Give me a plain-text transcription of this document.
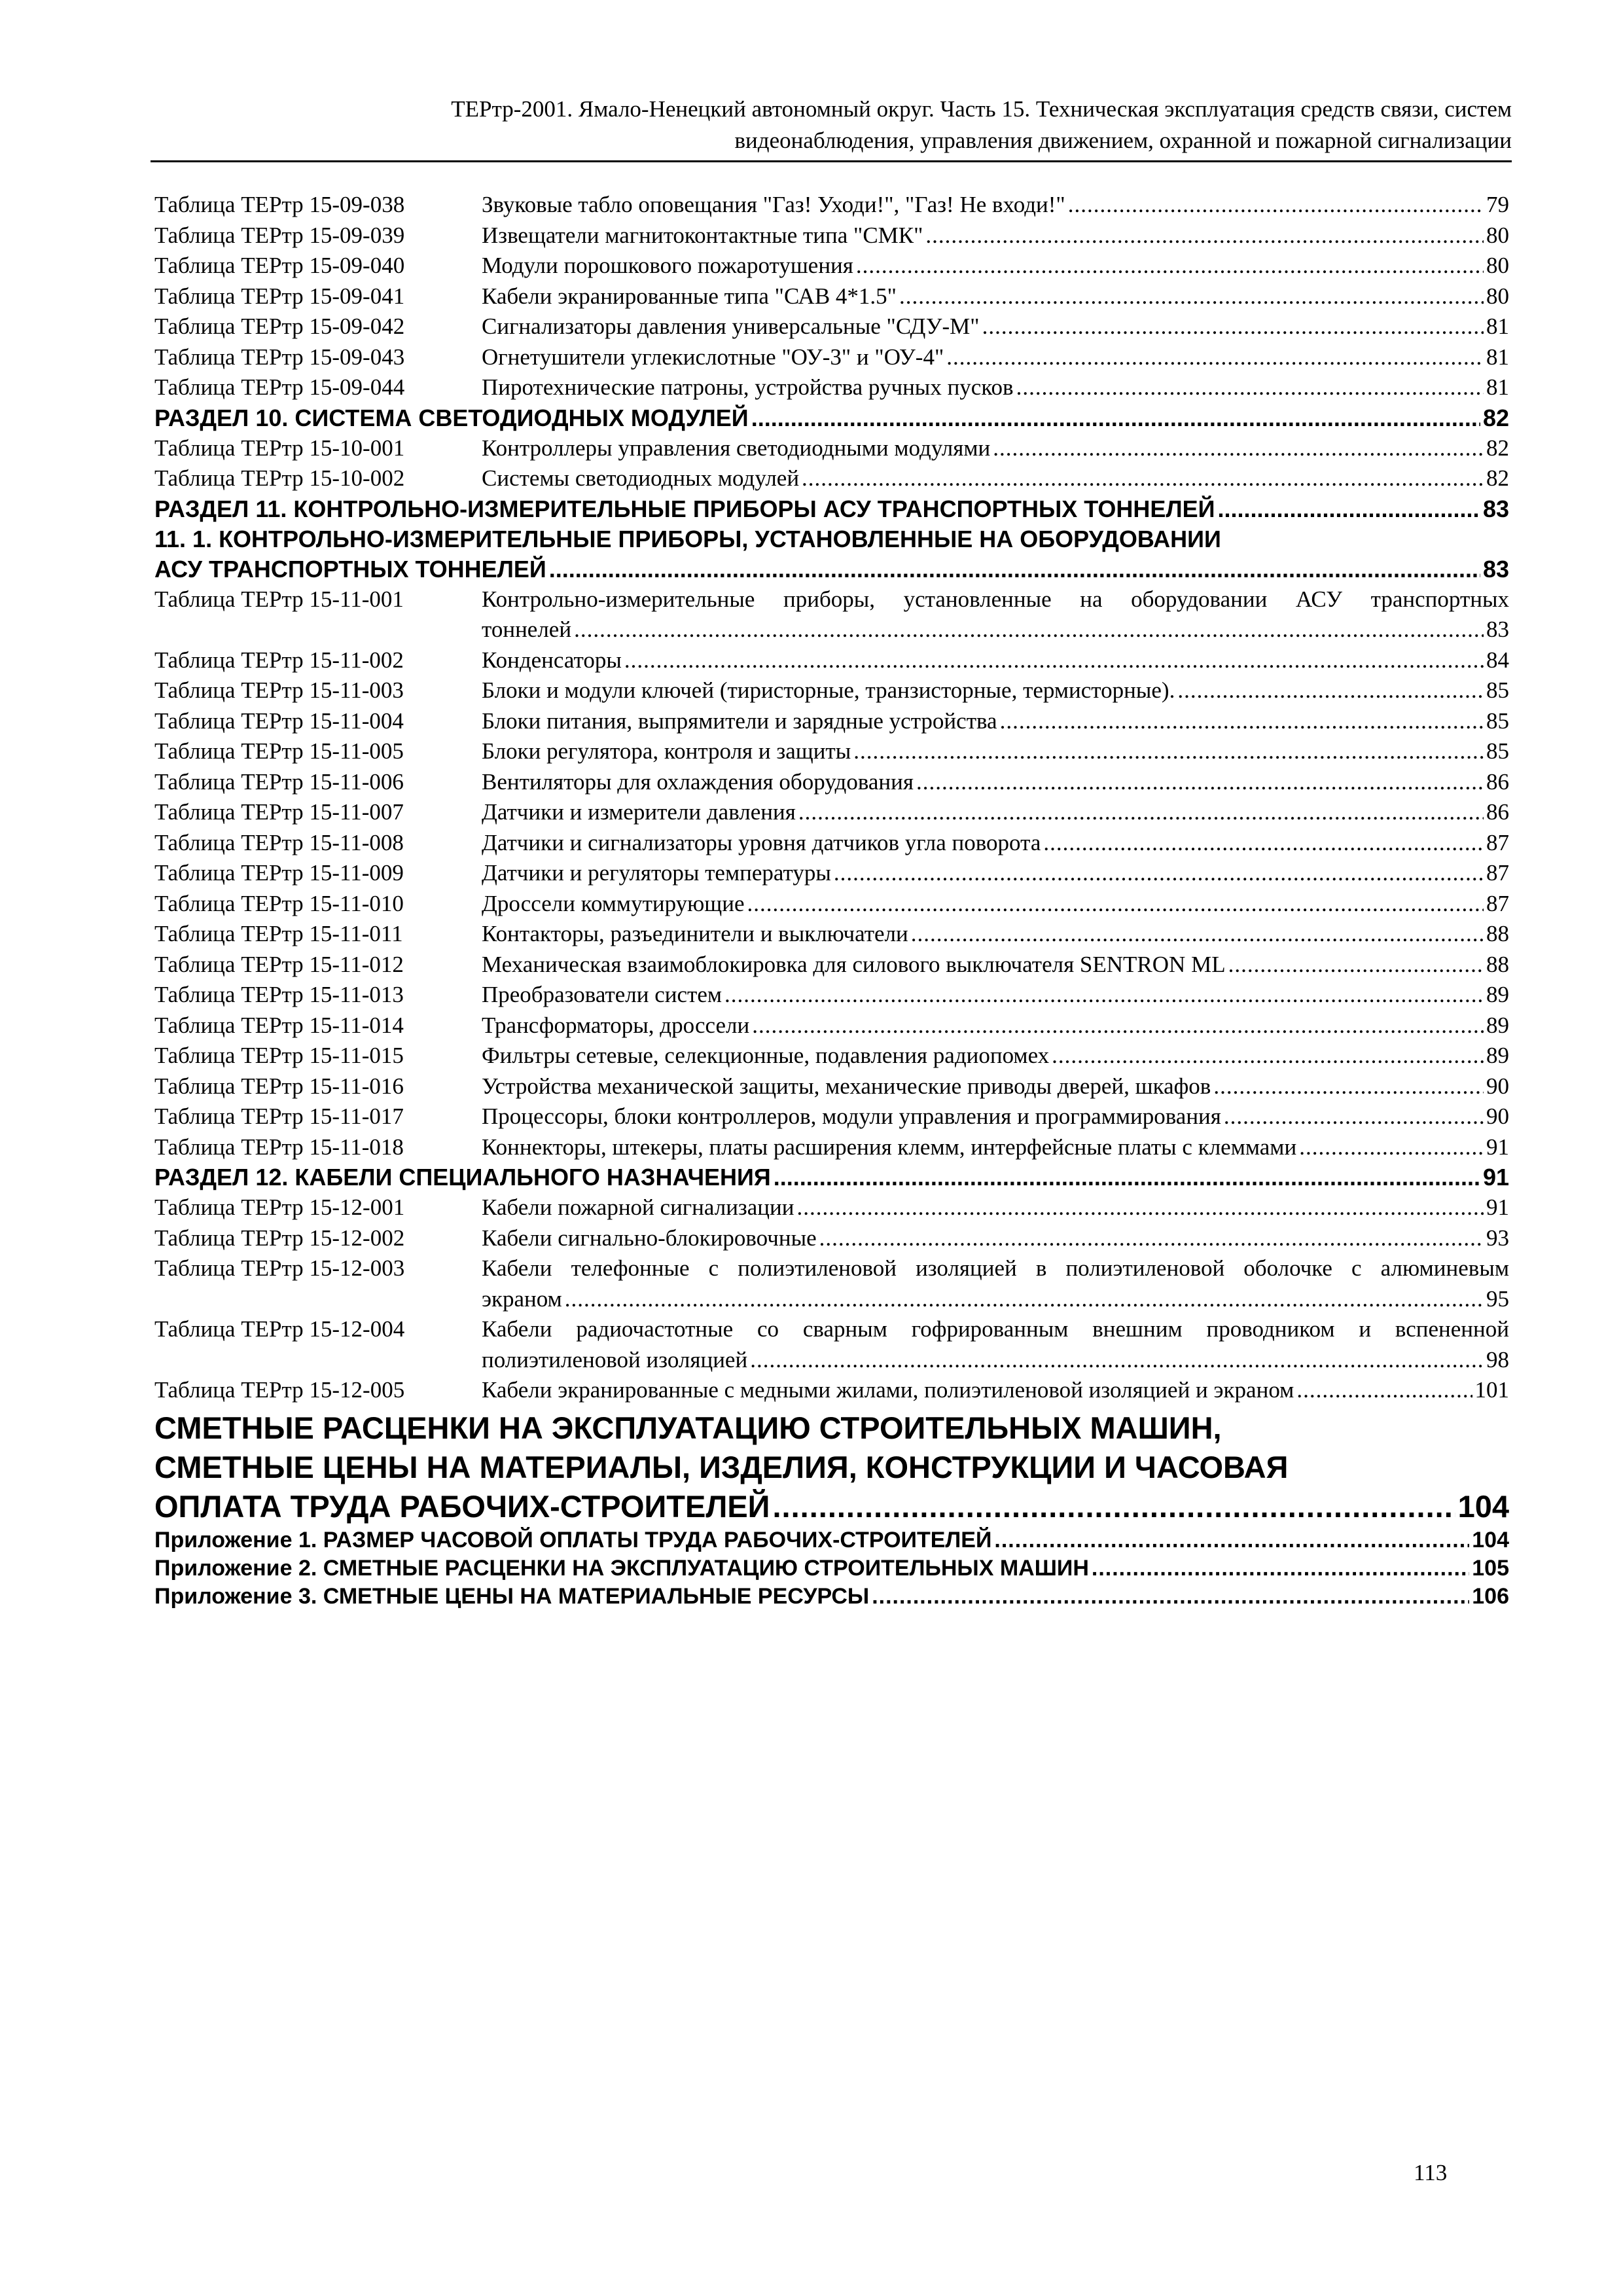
ТЕРтр-2001. Ямало-Ненецкий автономный округ. Часть 15. Техническая эксплуатация средств связи, систем
видеонаблюдения, управления движением, охранной и пожарной сигнализации
Таблица ТЕРтр 15-09-038	Звуковые табло оповещания "Газ! Уходи!", "Газ! Не входи!" .....	79
Таблица ТЕРтр 15-09-039	Извещатели магнитоконтактные типа "СМК" .....	80
Таблица ТЕРтр 15-09-040	Модули порошкового пожаротушения .....	80
Таблица ТЕРтр 15-09-041	Кабели экранированные типа "САВ 4*1.5" .....	80
Таблица ТЕРтр 15-09-042	Сигнализаторы давления универсальные "СДУ-М" .....	81
Таблица ТЕРтр 15-09-043	Огнетушители углекислотные "ОУ-3" и "ОУ-4" .....	81
Таблица ТЕРтр 15-09-044	Пиротехнические патроны, устройства ручных пусков .....	81
РАЗДЕЛ 10. СИСТЕМА СВЕТОДИОДНЫХ МОДУЛЕЙ .....	82
Таблица ТЕРтр 15-10-001	Контроллеры управления светодиодными модулями .....	82
Таблица ТЕРтр 15-10-002	Системы светодиодных модулей .....	82
РАЗДЕЛ 11. КОНТРОЛЬНО-ИЗМЕРИТЕЛЬНЫЕ ПРИБОРЫ АСУ ТРАНСПОРТНЫХ ТОННЕЛЕЙ .....	83
11. 1. КОНТРОЛЬНО-ИЗМЕРИТЕЛЬНЫЕ ПРИБОРЫ, УСТАНОВЛЕННЫЕ НА ОБОРУДОВАНИИ
АСУ ТРАНСПОРТНЫХ ТОННЕЛЕЙ .....	83
Таблица ТЕРтр 15-11-001	Контрольно-измерительные приборы, установленные на оборудовании АСУ транспортных
тоннелей .....	83
Таблица ТЕРтр 15-11-002	Конденсаторы .....	84
Таблица ТЕРтр 15-11-003	Блоки и модули ключей (тиристорные, транзисторные, термисторные). .....	85
Таблица ТЕРтр 15-11-004	Блоки питания, выпрямители и зарядные устройства .....	85
Таблица ТЕРтр 15-11-005	Блоки регулятора, контроля и защиты .....	85
Таблица ТЕРтр 15-11-006	Вентиляторы для охлаждения оборудования .....	86
Таблица ТЕРтр 15-11-007	Датчики и измерители давления .....	86
Таблица ТЕРтр 15-11-008	Датчики и сигнализаторы уровня датчиков угла поворота .....	87
Таблица ТЕРтр 15-11-009	Датчики и регуляторы температуры .....	87
Таблица ТЕРтр 15-11-010	Дроссели коммутирующие .....	87
Таблица ТЕРтр 15-11-011	Контакторы, разъединители и выключатели .....	88
Таблица ТЕРтр 15-11-012	Механическая взаимоблокировка для силового выключателя SENTRON ML .....	88
Таблица ТЕРтр 15-11-013	Преобразователи систем .....	89
Таблица ТЕРтр 15-11-014	Трансформаторы, дроссели .....	89
Таблица ТЕРтр 15-11-015	Фильтры сетевые, селекционные, подавления радиопомех .....	89
Таблица ТЕРтр 15-11-016	Устройства механической защиты, механические приводы дверей, шкафов .....	90
Таблица ТЕРтр 15-11-017	Процессоры, блоки контроллеров, модули управления и программирования .....	90
Таблица ТЕРтр 15-11-018	Коннекторы, штекеры, платы расширения клемм, интерфейсные платы с клеммами .....	91
РАЗДЕЛ 12. КАБЕЛИ СПЕЦИАЛЬНОГО НАЗНАЧЕНИЯ .....	91
Таблица ТЕРтр 15-12-001	Кабели пожарной сигнализации .....	91
Таблица ТЕРтр 15-12-002	Кабели сигнально-блокировочные .....	93
Таблица ТЕРтр 15-12-003	Кабели телефонные с полиэтиленовой изоляцией в полиэтиленовой оболочке с алюминевым
экраном .....	95
Таблица ТЕРтр 15-12-004	Кабели радиочастотные со сварным гофрированным внешним проводником и вспененной
полиэтиленовой изоляцией .....	98
Таблица ТЕРтр 15-12-005	Кабели экранированные с медными жилами, полиэтиленовой изоляцией и экраном .....	101
СМЕТНЫЕ РАСЦЕНКИ НА ЭКСПЛУАТАЦИЮ СТРОИТЕЛЬНЫХ МАШИН,
СМЕТНЫЕ ЦЕНЫ НА МАТЕРИАЛЫ, ИЗДЕЛИЯ, КОНСТРУКЦИИ И ЧАСОВАЯ
ОПЛАТА ТРУДА РАБОЧИХ-СТРОИТЕЛЕЙ .....	104
Приложение 1. РАЗМЕР ЧАСОВОЙ ОПЛАТЫ ТРУДА РАБОЧИХ-СТРОИТЕЛЕЙ .....	104
Приложение 2. СМЕТНЫЕ РАСЦЕНКИ НА ЭКСПЛУАТАЦИЮ СТРОИТЕЛЬНЫХ МАШИН .....	105
Приложение 3. СМЕТНЫЕ ЦЕНЫ НА МАТЕРИАЛЬНЫЕ РЕСУРСЫ .....	106
113
